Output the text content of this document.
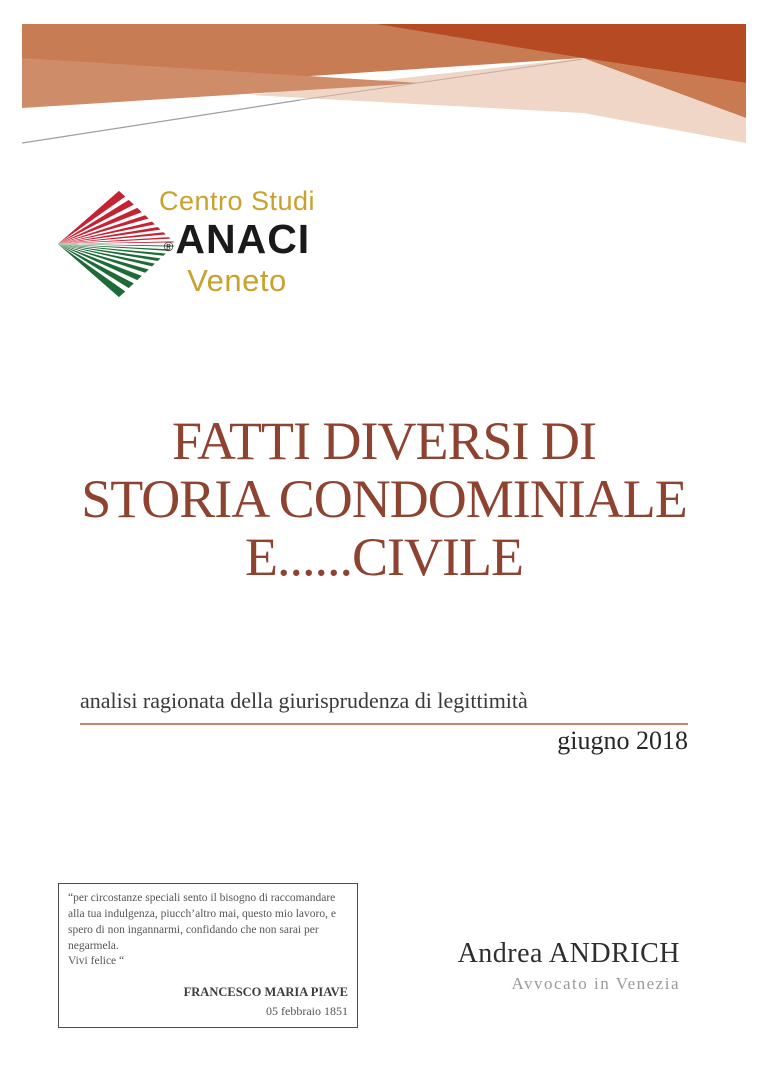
Centro Studi
®ANACI
Veneto
FATTI DIVERSI DI
STORIA CONDOMINIALE
E......CIVILE
analisi ragionata della giurisprudenza di legittimità
giugno 2018
“per circostanze speciali sento il bisogno di raccomandare alla tua indulgenza, piucch’altro mai, questo mio lavoro, e spero di non ingannarmi, confidando che non sarai per negarmela.
Vivi felice “
FRANCESCO MARIA PIAVE
05 febbraio 1851
Andrea ANDRICH
Avvocato in Venezia
